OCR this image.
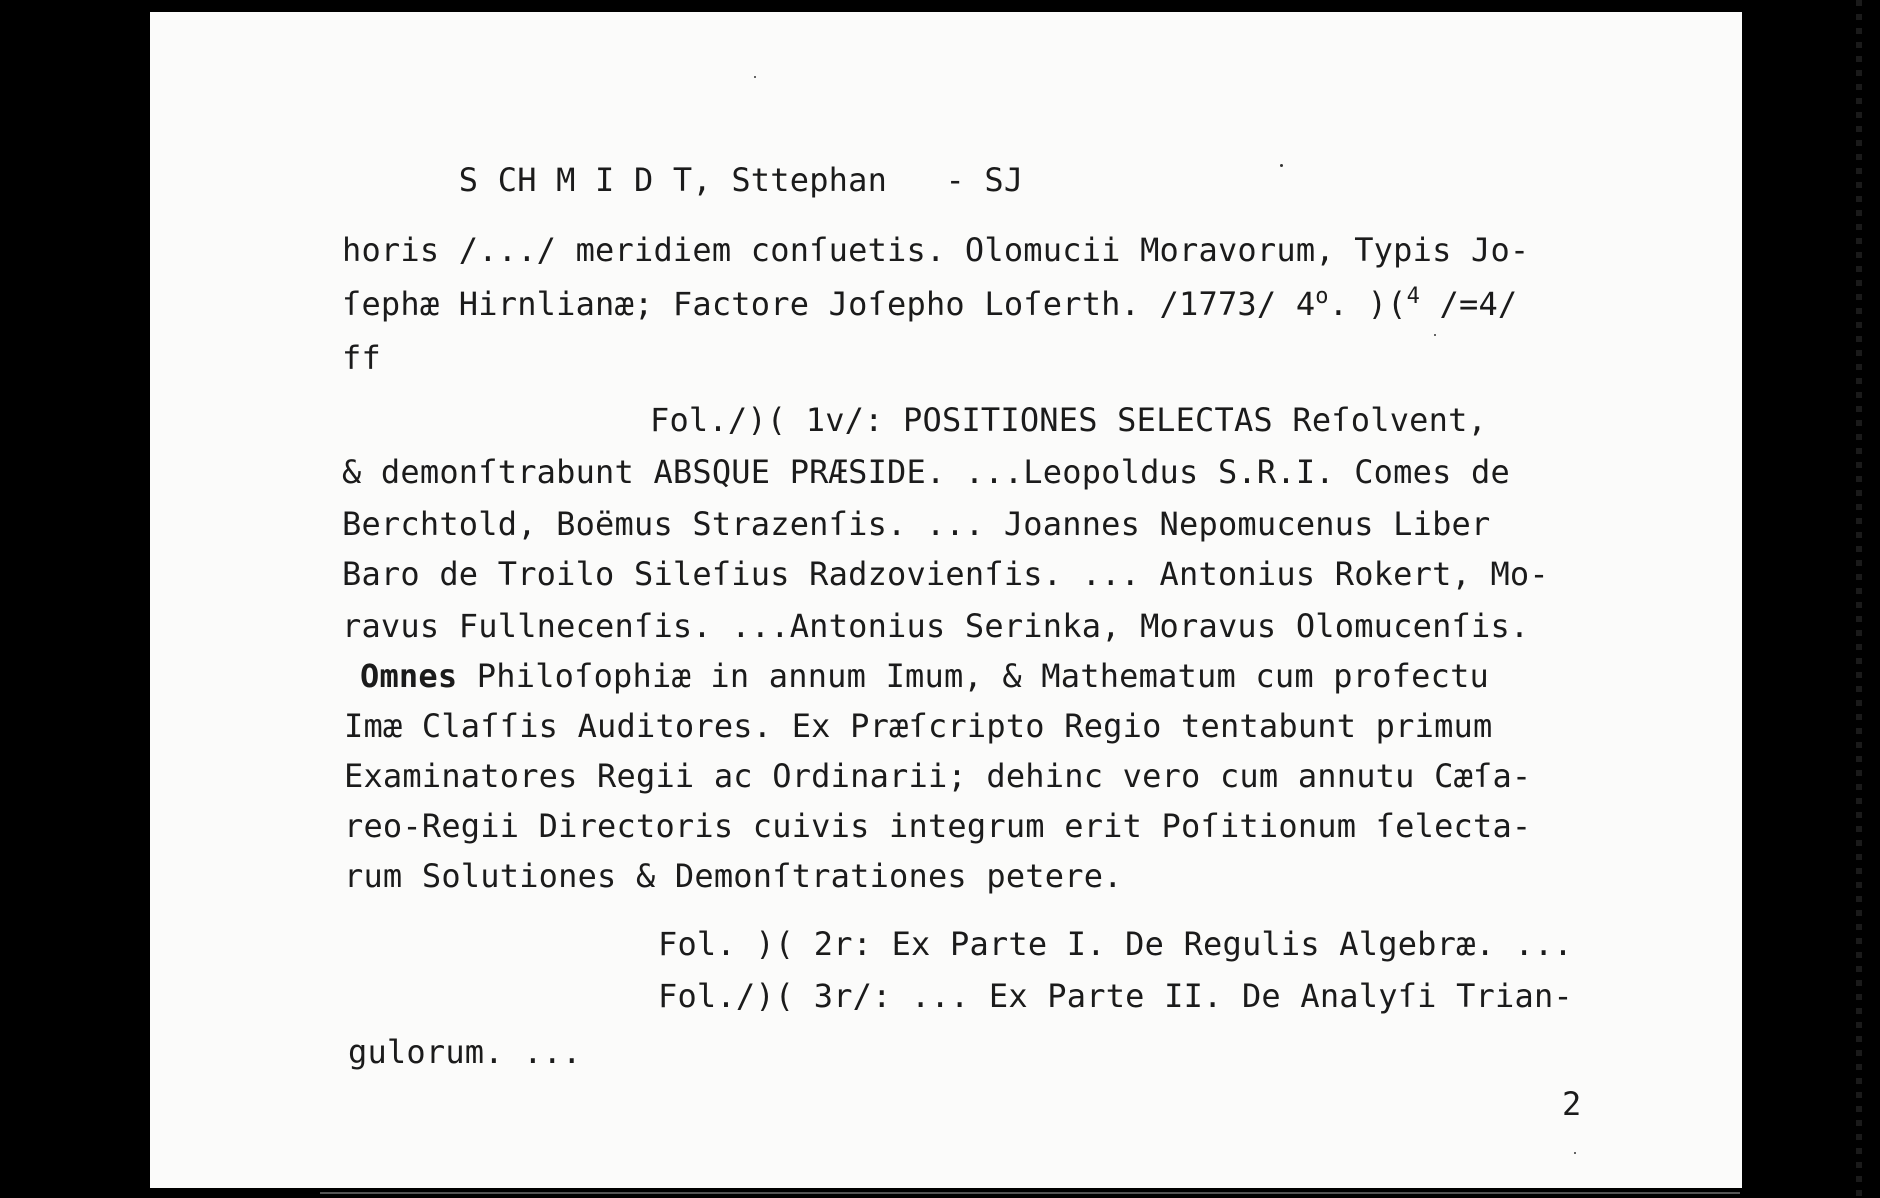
S CH M I D T, Sttephan - SJ

horis /.../ meridiem conſuetis. Olomucii Moravorum, Typis Jo-
ſephæ Hirnlianæ; Factore Joſepho Loſerth. /1773/ 4$^o$. )($^4$ /=4/
ff
Fol./)( 1v/: POSITIONES SELECTAS Reſolvent,
& demonſtrabunt ABSQUE PRÆSIDE. ...Leopoldus S.R.I. Comes de
Berchtold, Boëmus Strazenſis. ... Joannes Nepomucenus Liber
Baro de Troilo Sileſius Radzovienſis. ... Antonius Rokert, Mo-
ravus Fullnecenſis. ...Antonius Serinka, Moravus Olomucenſis.
Omnes Philoſophiæ in annum Imum, & Mathematum cum profectu
Imæ Claſſis Auditores. Ex Præſcripto Regio tentabunt primum
Examinatores Regii ac Ordinarii; dehinc vero cum annutu Cæſa-
reo-Regii Directoris cuivis integrum erit Poſitionum ſelecta-
rum Solutiones & Demonſtrationes petere.
Fol. )( 2r: Ex Parte I. De Regulis Algebræ. ...
Fol./)( 3r/: ... Ex Parte II. De Analyſi Trian-
gulorum. ...
2
